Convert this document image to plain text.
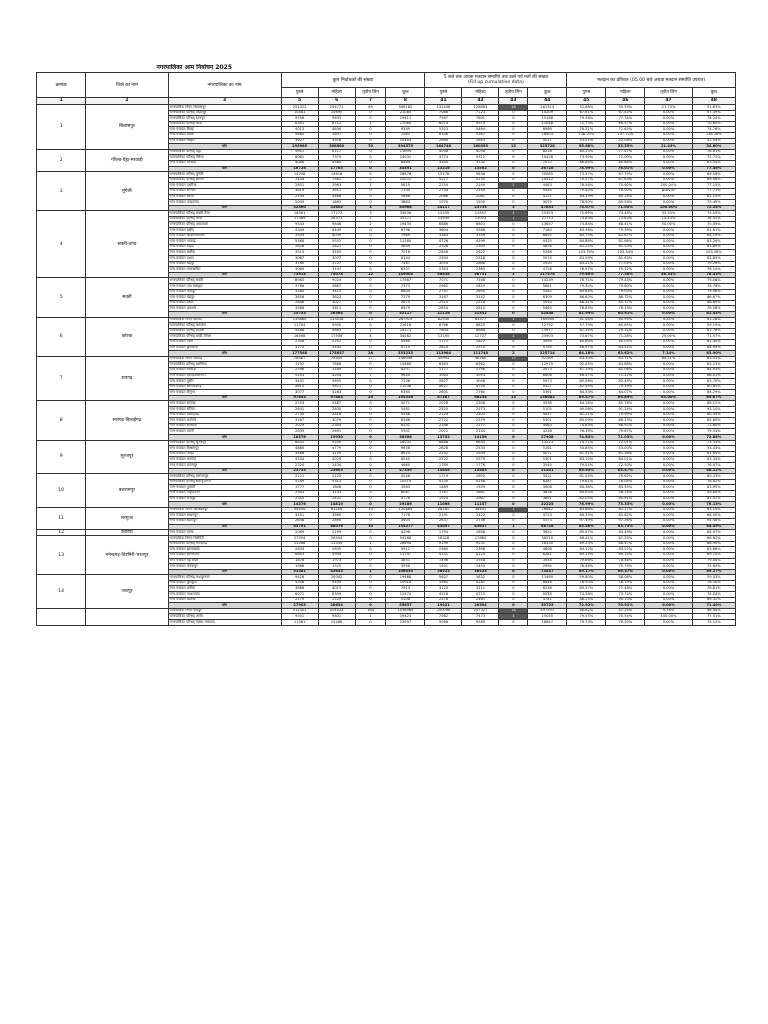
नगरपालिका आम निर्वाचन 2025														
क्रमांक	जिले का नाम	नगरपालिका का नाम	कुल निर्वाचकों की संख्या				5 बजे तक अथवा मतदान समाप्ति तक डाले गये मतों की संख्या
(Fill up cumulative data)				मतदान का प्रतिशत (05.00 बजे अथवा मतदान समाप्ति उपरांत)			
			पुरुष	महिला	तृतीय लिंग	कुल	पुरुष	महिला	तृतीय लिंग	कुल	पुरुष	महिला	तृतीय लिंग	कुल
1	2	3	5	6	7	8	41	42	43	44	45	46	47	48
1	बिलासपुर	नगरपालिक निगम बिलासपुर	251322	254771	69	506162	132408	128883	16	261314	52.68%	50.59%	21.74%	51.63%
		नगरपालिका परिषद् तखतपुर	10481	10695	0	21085	7086	7123	0	14209	67.61%	67.43%	0.00%	67.39%
		नगरपालिका परिषद् रतनपुर	9556	9833	0	19411	7587	7601	0	15188	79.38%	77.34%	0.00%	78.24%
		नगरपालिका परिषद् कोटा	8351	8712	1	17064	6074	5974	0	12048	72.73%	68.57%	0.00%	70.60%
		नगर पंचायत बिल्हा	4013	4836	0	9349	5323	5464	0	6989	78.31%	71.65%	0.00%	74.76%
		नगर पंचायत बोदरी	4665	3897	0	7981	8336	5367	0	16903	138.20%	137.72%	0.00%	138.16%
		नगर पंचायत मल्हार	3627	3928	0	10483	2684	2663	0	5017	53.01%	52.08%	0.00%	52.54%
		योग	295985	308660	70	594575	164748	160565	15	325728	55.68%	53.55%	21.43%	54.60%
2	गौरेला-पेंड्रा-मरवाही	नगरपालिका परिषद् पेंड्रा	5601	6117	0	11694	4058	4058	0	8216	80.23%	77.47%	0.00%	78.81%
		नगरपालिका परिषद् गौरेला	6061	7379	0	14031	3774	5312	0	10428	73.50%	72.00%	0.00%	72.72%
		नगर पंचायत मरवाही	4066	4580	0	8464	3540	3532	0	7072	86.84%	80.66%	0.00%	83.55%
		योग	16728	17763	0	34491	13216	13502	0	26716	78.99%	76.01%	0.00%	77.46%
3	मुंगेली	नगरपालिका परिषद् मुंगेली	14258	14618	0	28876	15178	9838	0	20085	73.37%	67.79%	0.00%	69.56%
		नगरपालिका परिषद् लोरमी	7434	7581	2	15031	5277	5235	0	10512	70.57%	67.63%	0.00%	69.06%
		नगर पंचायत पथरिया	2851	2963	1	5815	2254	2249	2	4483	78.56%	75.90%	200.00%	77.15%
		नगर पंचायत सरगांव	3619	3611	0	7134	2794	2749	0	5544	79.40%	76.00%	#DIV/0!	77.71%
		नगर पंचायत बरेला	2434	2466	0	5866	2066	2081	0	4137	84.19%	80.24%	0.00%	82.15%
		नगर पंचायत जरहागांव	2000	1863	0	3863	1570	1500	0	3070	78.50%	80.56%	0.00%	79.49%
		योग	32560	33405	3	65968	24117	23733	3	47853	74.07%	71.05%	100.00%	72.54%
4	सक्ती-चांपा	नगरपालिका परिषद् सक्ती-नैला	16561	17272	3	33836	12535	12857	1	25393	75.69%	74.44%	33.33%	75.05%
		नगरपालिका परिषद् चांपा	17389	18371	7	35371	13939	13003	1	27713	73.83%	73.63%	14.43%	78.42%
		नगरपालिका परिषद् अकलतरा	9543	9848	2	19435	6886	6803	0	13657	73.84%	68.41%	50.00%	70.09%
		नगर पंचायत खरौद	4349	4449	0	8798	3604	3586	0	7180	83.36%	79.39%	0.00%	81.61%
		नगर पंचायत शिवरीनारायण	3939	4039	0	7969	3363	3339	0	6692	85.75%	82.67%	0.00%	84.19%
		नगर पंचायत नवागढ़	5568	5552	0	11280	4726	4599	0	9325	84.88%	81.66%	0.00%	83.26%
		नगर पंचायत राहौद	2828	2821	0	5649	2326	2300	0	4626	82.25%	81.53%	0.00%	81.89%
		नगर पंचायत बलौदा	3513	3505	0	7018	2646	2622	0	5268	103.79%	103.34%	0.00%	103.56%
		नगर पंचायत डभरा	3067	3077	0	6144	2504	2518	0	5074	83.59%	81.83%	0.00%	82.85%
		नगर पंचायत चंद्रपुर	3780	3727	0	7467	3054	2866	0	5920	83.21%	77.05%	0.00%	79.28%
		नगर पंचायत मालखरौदा	3060	3147	0	6207	2343	2383	0	4726	76.57%	75.72%	0.00%	76.14%
		योग	73914	75078	12	149004	58838	58751	2	117576	79.60%	77.38%	58.33%	78.43%
5	सक्ती	नगरपालिका परिषद् सक्ती	8983	9024	0	17987	7071	7168	0	14239	78.71%	79.43%	0.00%	79.06%
		नगर पंचायत नया बाराद्वार	3786	3667	0	7373	2962	2819	0	5881	79.32%	79.60%	0.00%	79.76%
		नगर पंचायत जैजैपुर	3384	3410	0	6804	2747	2695	0	5442	80.84%	79.05%	0.00%	79.98%
		नगर पंचायत चंद्रपुर	3656	3623	0	7279	3167	3142	0	6309	86.62%	86.72%	0.00%	86.67%
		नगर पंचायत डभरा	2848	3027	0	5875	2515	2578	0	5093	88.31%	85.17%	0.00%	86.69%
		नगर पंचायत अड़भार	3568	3611	0	6979	2654	2810	0	5464	78.85%	78.33%	0.00%	78.58%
		योग	25753	26364	0	52117	21116	21332	0	42448	81.99%	80.91%	0.00%	81.45%
6	कोरबा	नगरपालिक निगम कोरबा	135860	133018	23	267919	82930	83377	1	165584	61.58%	60.95%	4.35%	61.28%
		नगरपालिका परिषद् कटघोरा	11704	5900	0	22618	6766	6825	0	12792	57.79%	60.85%	0.00%	59.19%
		नगरपालिका परिषद् दीपका	9488	9883	1	19371	7804	8888	0	15977	81.34%	79.31%	0.00%	81.78%
		नगरपालिका परिषद् बांकी मोंगरा	16568	17936	4	34582	13195	12707	1	25903	73.87%	71.28%	25.00%	71.57%
		नगर पंचायत पाली	2308	2252	0	4460	1772	1822	0	3594	80.80%	80.05%	0.00%	81.40%
		नगर पंचायत छुरीकला	3270	3445	0	6715	2824	2970	0	5794	86.97%	83.51%	0.00%	84.94%
		योग	177568	175637	28	353233	113964	111748	2	225714	64.18%	63.62%	7.14%	63.90%
7	रायगढ़	नगरपालिक निगम रायगढ़	78587	79445	17	148049	45993	46280	13	92269	63.33%	63.71%	64.71%	63.51%
		नगरपालिका परिषद् खरसिया	7792	7866	0	15680	6563	6562	0	12975	92.45%	83.88%	0.00%	83.13%
		नगर पंचायत घरघोड़ा	2596	3169	0	4207	1777	1796	0	3573	87.19%	82.08%	0.00%	84.93%
		नगर पंचायत किरोड़ीमलनगर	5253	4204	7	9640	3063	3053	0	6606	66.37%	71.22%	0.00%	68.51%
		नगर पंचायत पुसौर	3441	3695	0	7136	2827	3046	0	5973	85.06%	82.44%	0.00%	83.70%
		नगर पंचायत धरमजयगढ़	5615	5821	0	11536	4627	4700	0	9327	82.49%	79.39%	0.00%	80.85%
		नगर पंचायत लैलूंगा	3077	3283	0	6360	2601	2760	0	5361	84.53%	84.07%	0.00%	84.29%
		योग	97653	97663	20	195336	67387	68254	13	136082	69.47%	69.89%	65.00%	69.67%
8	सारंगढ़-बिलाईगढ़	नगर पंचायत सारंगढ़	2553	2487	0	5071	2028	2308	0	4336	84.16%	85.76%	0.00%	86.12%
		नगर पंचायत सरिया	2641	2830	0	5481	2520	2573	0	5105	95.08%	91.24%	0.00%	93.10%
		नगर पंचायत बिलाईगढ़	2734	2814	0	5548	2224	2203	0	4457	81.21%	79.99%	0.00%	80.59%
		नगर पंचायत भटगांव	3187	3079	0	6266	2722	2579	0	5301	85.09%	86.23%	0.00%	84.60%
		नगर पंचायत सरसींवा	2029	2304	0	6232	2186	2277	0	4463	74.63%	68.92%	0.00%	71.60%
		नगर पंचायत पवनी	2639	2691	0	5301	2072	2144	0	4216	76.39%	79.67%	0.00%	79.53%
		योग	18376	19930	0	38306	13752	14156	0	27908	74.84%	71.03%	0.00%	72.86%
9	सूरजपुर	नगरपालिका परिषद् सूरजपुर	8831	9200	0	18031	6688	6635	0	13223	74.71%	72.01%	0.00%	73.33%
		नगर पंचायत बिश्रामपुर	4880	4779	0	9658	2628	2533	0	5161	53.85%	53.00%	0.00%	53.43%
		नगर पंचायत जरही	3466	3159	1	6624	2132	1939	0	4071	61.51%	61.38%	0.00%	61.64%
		नगर पंचायत भटगांव	4334	4029	0	8545	2722	2579	0	5301	63.10%	64.01%	0.00%	63.34%
		नगर पंचायत प्रतापपुर	2224	2434	0	4660	1769	1776	0	3545	79.54%	72.93%	0.00%	76.07%
		योग	23735	23603	1	47339	15849	15463	0	31301	66.85%	65.47%	0.00%	66.12%
10	बलरामपुर	नगरपालिका परिषद् बलरामपुर	2121	2125	0	4246	1719	1692	0	3411	81.05%	79.62%	0.00%	80.33%
		नगरपालिका परिषद् रामानुजगंज	5189	5313	0	10514	4130	4148	0	8287	79.61%	78.04%	0.00%	78.82%
		नगर पंचायत कुसमी	1777	1806	0	3583	1489	1509	0	3008	84.36%	83.55%	0.00%	83.95%
		नगर पंचायत वाड्रफनगर	2903	3133	0	6067	1767	1861	0	3628	60.93%	58.74%	0.00%	59.80%
		नगर पंचायत राजपुर	2345	2431	0	4776	1924	1967	0	3891	82.05%	80.91%	0.00%	81.47%
		योग	14376	14810	0	29186	11068	11157	0	22225	76.99%	75.33%	0.00%	76.15%
11	सरगुजा	नगरपालिक निगम अम्बिकापुर	59450	61200	10	120484	28181	36491	1	76642	63.88%	62.27%	0.00%	63.10%
		नगर पंचायत लखनपुर	3451	3860	0	7178	2291	2422	0	4713	66.39%	65.82%	0.00%	66.00%
		नगर पंचायत सीतापुर	2646	2890	0	5605	2637	2736	0	5373	97.49%	97.26%	0.00%	94.48%
		योग	65791	68076	10	134277	43097	43637	1	86728	65.56%	63.75%	0.00%	64.59%
12	कोरिया	नगर पंचायत पटना	2069	2199	0	4298	1794	1858	0	3652	85.47%	84.49%	0.00%	84.97%
13	मनेन्द्रगढ़-चिरमिरी-भरतपुर	नगरपालिक निगम चिरमिरी	27594	26594	0	54188	18328	17884	0	36210	66.41%	67.25%	0.00%	66.82%
		नगरपालिका परिषद् मनेन्द्रगढ़	13268	13335	1	26694	9199	9131	0	18330	69.33%	68.47%	0.00%	68.90%
		नगर पंचायत झगराखांड	2633	2835	0	5912	2360	2398	0	4608	84.12%	83.22%	0.00%	83.66%
		नगर पंचायत खोंगापानी	6803	5944	0	11747	4151	4110	0	8261	69.15%	69.15%	0.00%	69.15%
		नगर पंचायत नई लेदरी	1878	1973	0	3851	1496	1548	0	3044	79.66%	78.46%	0.00%	79.04%
		नगर पंचायत जनकपुर	1988	1970	0	3958	1501	1493	0	2994	76.46%	75.79%	0.00%	75.64%
		योग	53381	52653	1	106035	36923	36524	0	73447	69.17%	69.37%	0.00%	69.27%
14	जशपुर	नगरपालिका परिषद् जशपुरनगर	9426	10042	0	19468	5637	5832	0	11469	59.80%	58.08%	0.00%	59.03%
		नगर पंचायत कुनकुरी	5506	5494	0	10918	3965	4181	0	8646	76.93%	76.19%	0.00%	76.50%
		नगर पंचायत बगीचा	3888	4015	0	7913	3125	3111	0	6236	80.37%	77.48%	0.00%	78.81%
		नगर पंचायत पत्थलगांव	6071	6390	0	12470	4518	4715	0	9233	74.36%	73.74%	0.00%	74.04%
		नगर पंचायत कोतबा	2579	2529	0	5108	2276	2465	0	4741	88.25%	90.33%	0.00%	89.32%
		योग	27903	28634	0	55637	19421	20304	0	39725	72.92%	70.91%	0.00%	71.40%
		नगरपालिक निगम रायपुर	512301	524524	164	1036989	250096	247327	16	497591	48.82%	47.25%	9.76%	48.04%
		नगरपालिका परिषद् आरंग	9501	9801	1	19423	7582	7473	1	15055	79.55%	75.54%	100.00%	77.51%
		नगरपालिका परिषद् गोबरा-नवापारा	11361	12288	0	23597	9066	9589	0	18647	79.73%	78.20%	0.00%	79.12%
